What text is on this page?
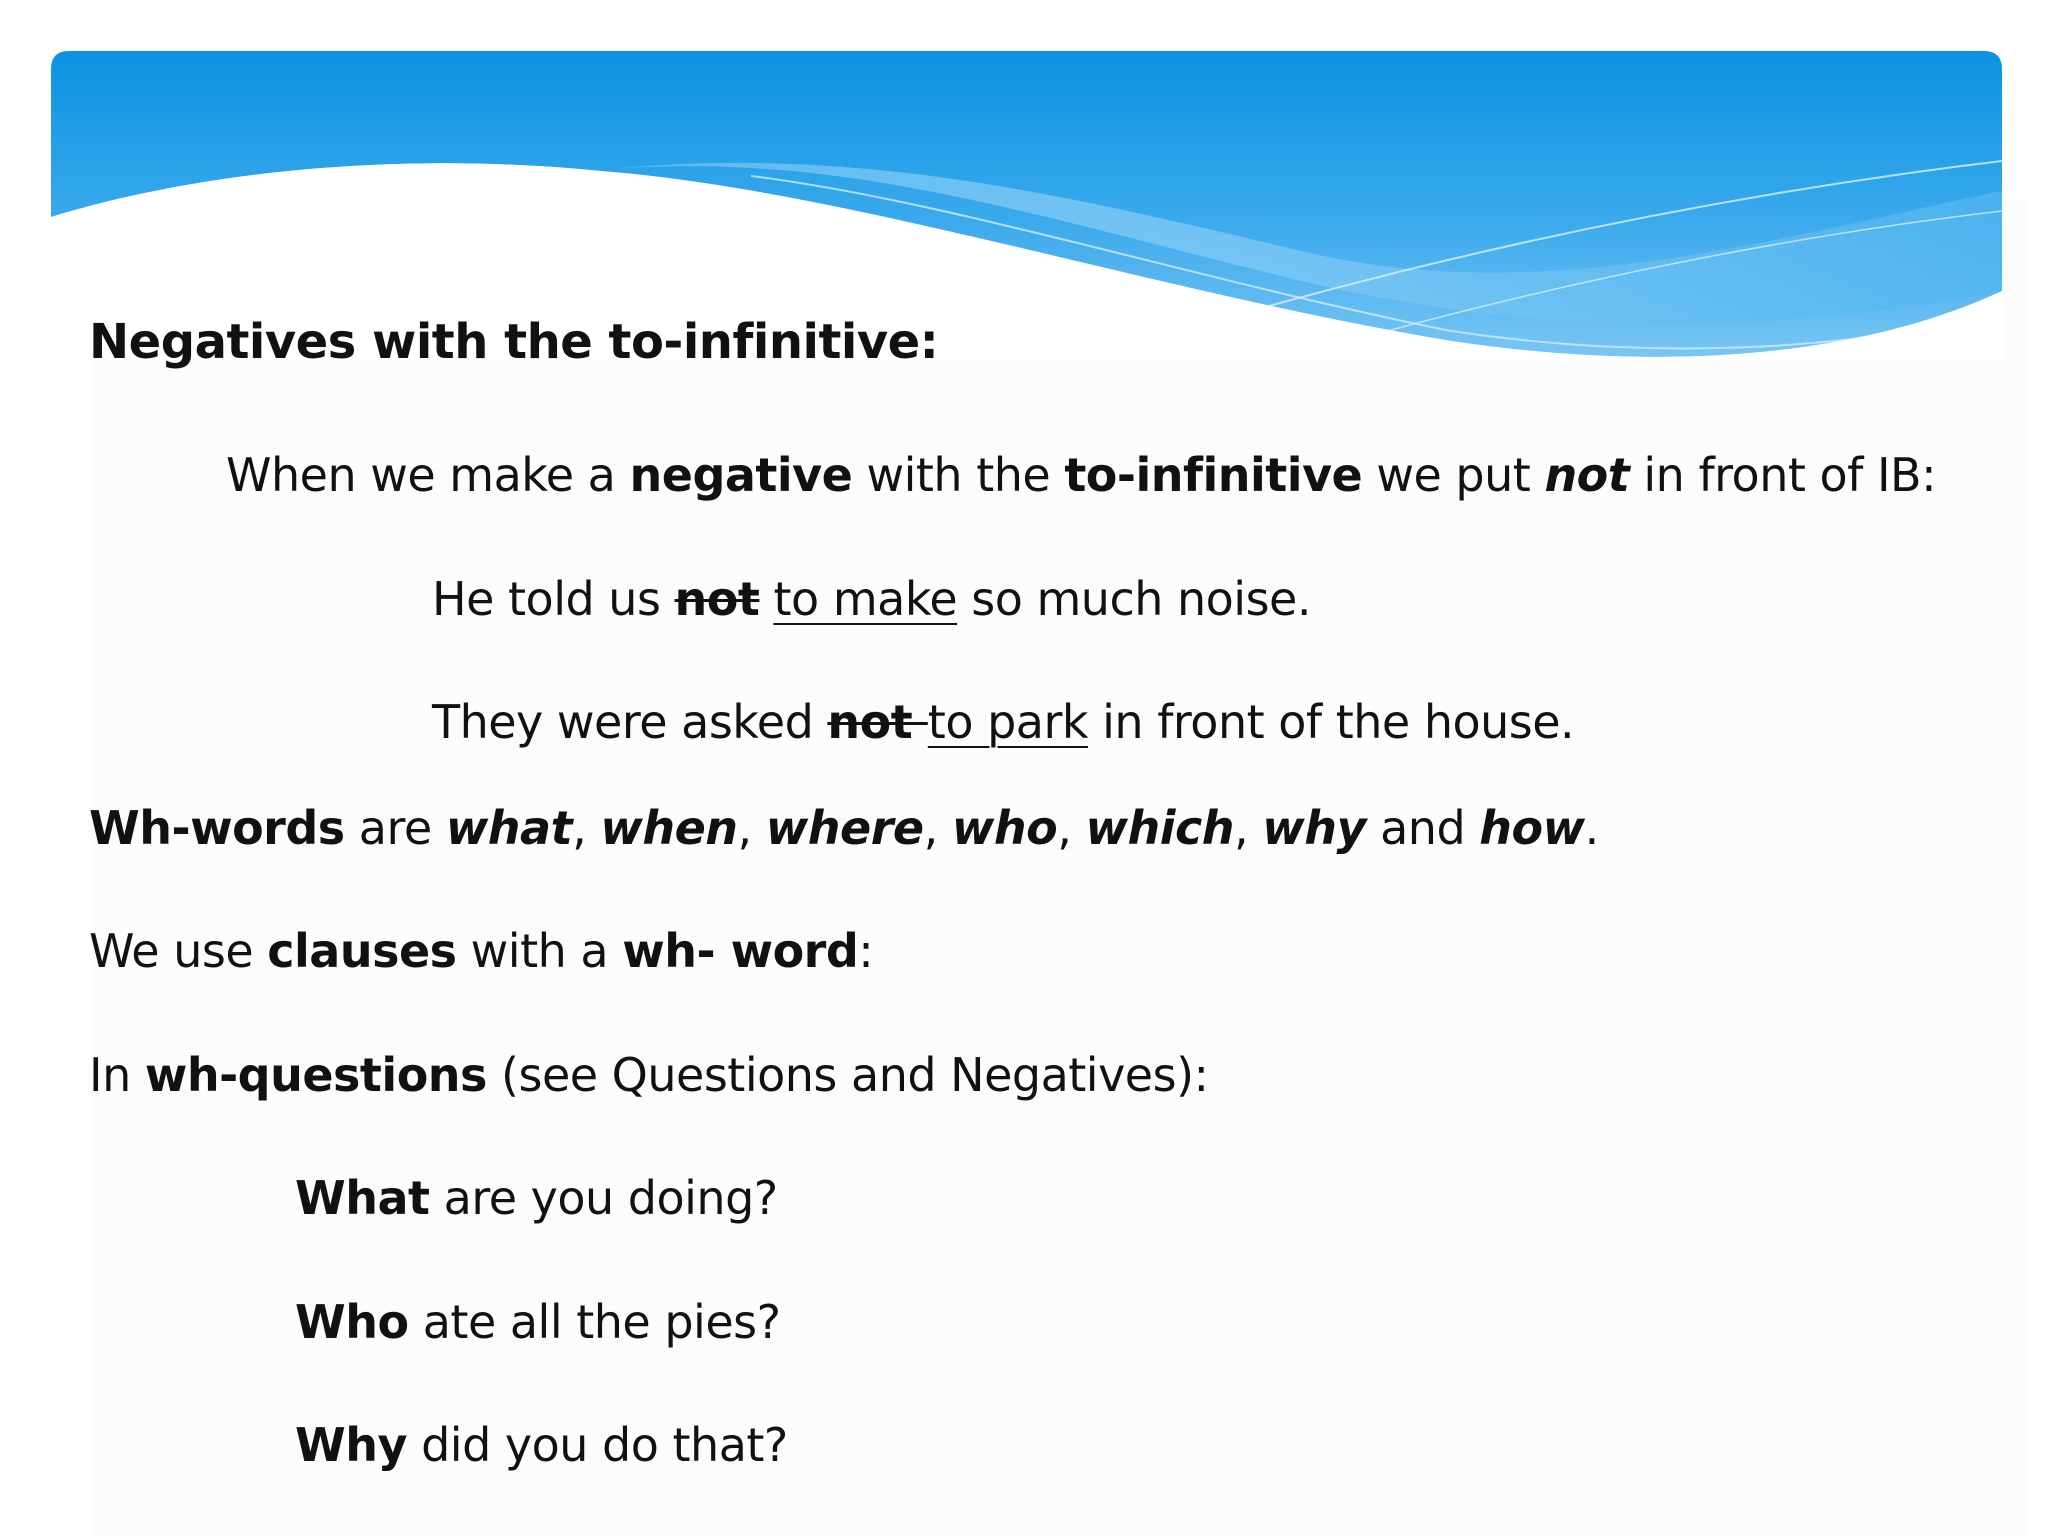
Negatives with the to-infinitive:
When we make a negative with the to-infinitive we put not in front of IB:
He told us not to make so much noise.
They were asked not to park in front of the house.
Wh-words are what, when, where, who, which, why and how.
We use clauses with a wh- word:
In wh-questions (see Questions and Negatives):
What are you doing?
Who ate all the pies?
Why did you do that?
